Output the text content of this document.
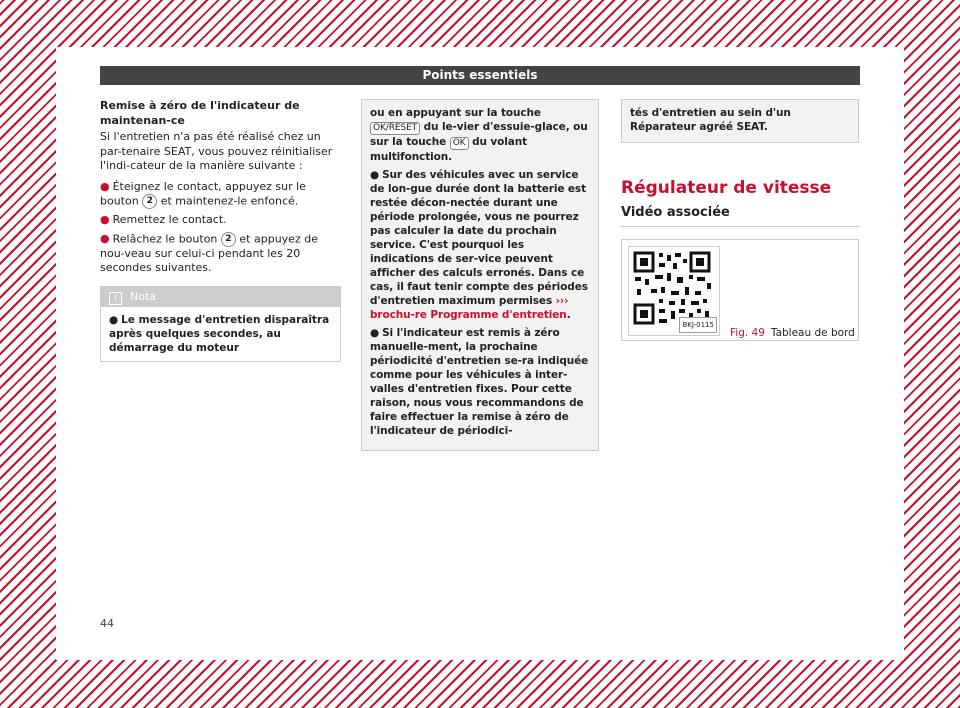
Points essentiels

Remise à zéro de l'indicateur de maintenan-ce

Si l'entretien n'a pas été réalisé chez un par-tenaire SEAT, vous pouvez réinitialiser l'indi-cateur de la manière suivante :

● Éteignez le contact, appuyez sur le bouton 2 et maintenez-le enfoncé.

● Remettez le contact.

● Relâchez le bouton 2 et appuyez de nou-veau sur celui-ci pendant les 20 secondes suivantes.

i Nota
● Le message d'entretien disparaîtra après quelques secondes, au démarrage du moteur

ou en appuyant sur la touche OK/RESET du le-vier d'essuie-glace, ou sur la touche OK du volant multifonction.

● Sur des véhicules avec un service de lon-gue durée dont la batterie est restée décon-nectée durant une période prolongée, vous ne pourrez pas calculer la date du prochain service. C'est pourquoi les indications de ser-vice peuvent afficher des calculs erronés. Dans ce cas, il faut tenir compte des périodes d'entretien maximum permises ››› brochu-re Programme d'entretien.

● Si l'indicateur est remis à zéro manuelle-ment, la prochaine périodicité d'entretien se-ra indiquée comme pour les véhicules à inter-valles d'entretien fixes. Pour cette raison, nous vous recommandons de faire effectuer la remise à zéro de l'indicateur de périodici-

tés d'entretien au sein d'un Réparateur agréé SEAT.
Régulateur de vitesse
Vidéo associée
BKJ-0115
Fig. 49 Tableau de bord
44
